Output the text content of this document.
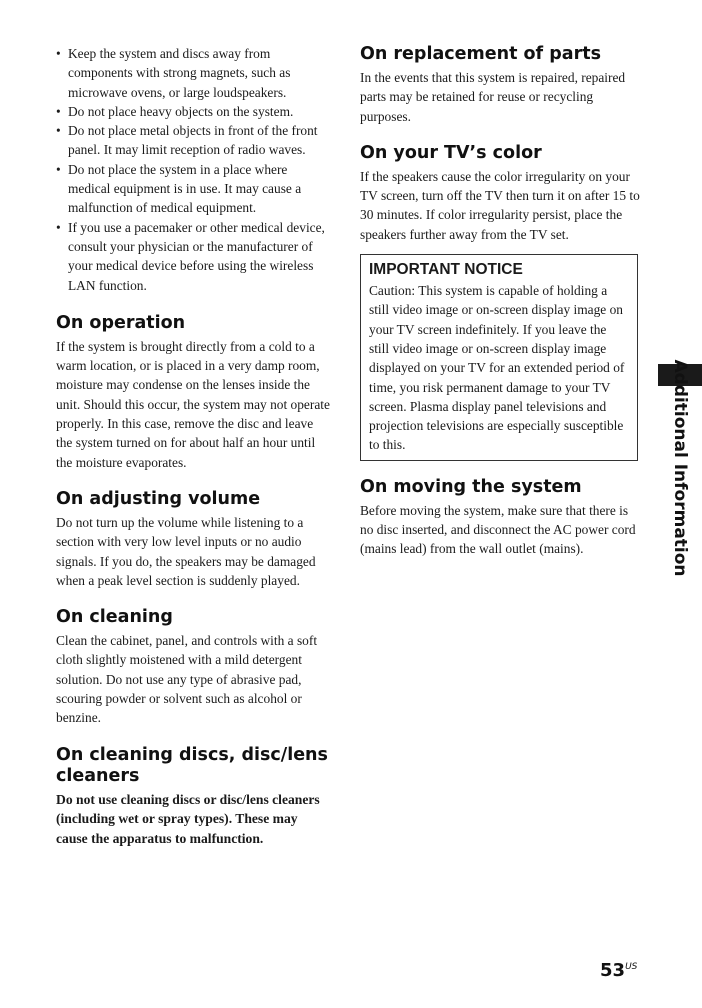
• Keep the system and discs away from components with strong magnets, such as microwave ovens, or large loudspeakers.
• Do not place heavy objects on the system.
• Do not place metal objects in front of the front panel. It may limit reception of radio waves.
• Do not place the system in a place where medical equipment is in use. It may cause a malfunction of medical equipment.
• If you use a pacemaker or other medical device, consult your physician or the manufacturer of your medical device before using the wireless LAN function.
On operation

If the system is brought directly from a cold to a warm location, or is placed in a very damp room, moisture may condense on the lenses inside the unit. Should this occur, the system may not operate properly. In this case, remove the disc and leave the system turned on for about half an hour until the moisture evaporates.

On adjusting volume

Do not turn up the volume while listening to a section with very low level inputs or no audio signals. If you do, the speakers may be damaged when a peak level section is suddenly played.

On cleaning

Clean the cabinet, panel, and controls with a soft cloth slightly moistened with a mild detergent solution. Do not use any type of abrasive pad, scouring powder or solvent such as alcohol or benzine.

On cleaning discs, disc/lens cleaners

Do not use cleaning discs or disc/lens cleaners (including wet or spray types). These may cause the apparatus to malfunction.

On replacement of parts

In the events that this system is repaired, repaired parts may be retained for reuse or recycling purposes.

On your TV’s color

If the speakers cause the color irregularity on your TV screen, turn off the TV then turn it on after 15 to 30 minutes. If color irregularity persist, place the speakers further away from the TV set.

IMPORTANT NOTICE

Caution: This system is capable of holding a still video image or on-screen display image on your TV screen indefinitely. If you leave the still video image or on-screen display image displayed on your TV for an extended period of time, you risk permanent damage to your TV screen. Plasma display panel televisions and projection televisions are especially susceptible to this.

On moving the system

Before moving the system, make sure that there is no disc inserted, and disconnect the AC power cord (mains lead) from the wall outlet (mains).	Additional Information
$53^{US}$
